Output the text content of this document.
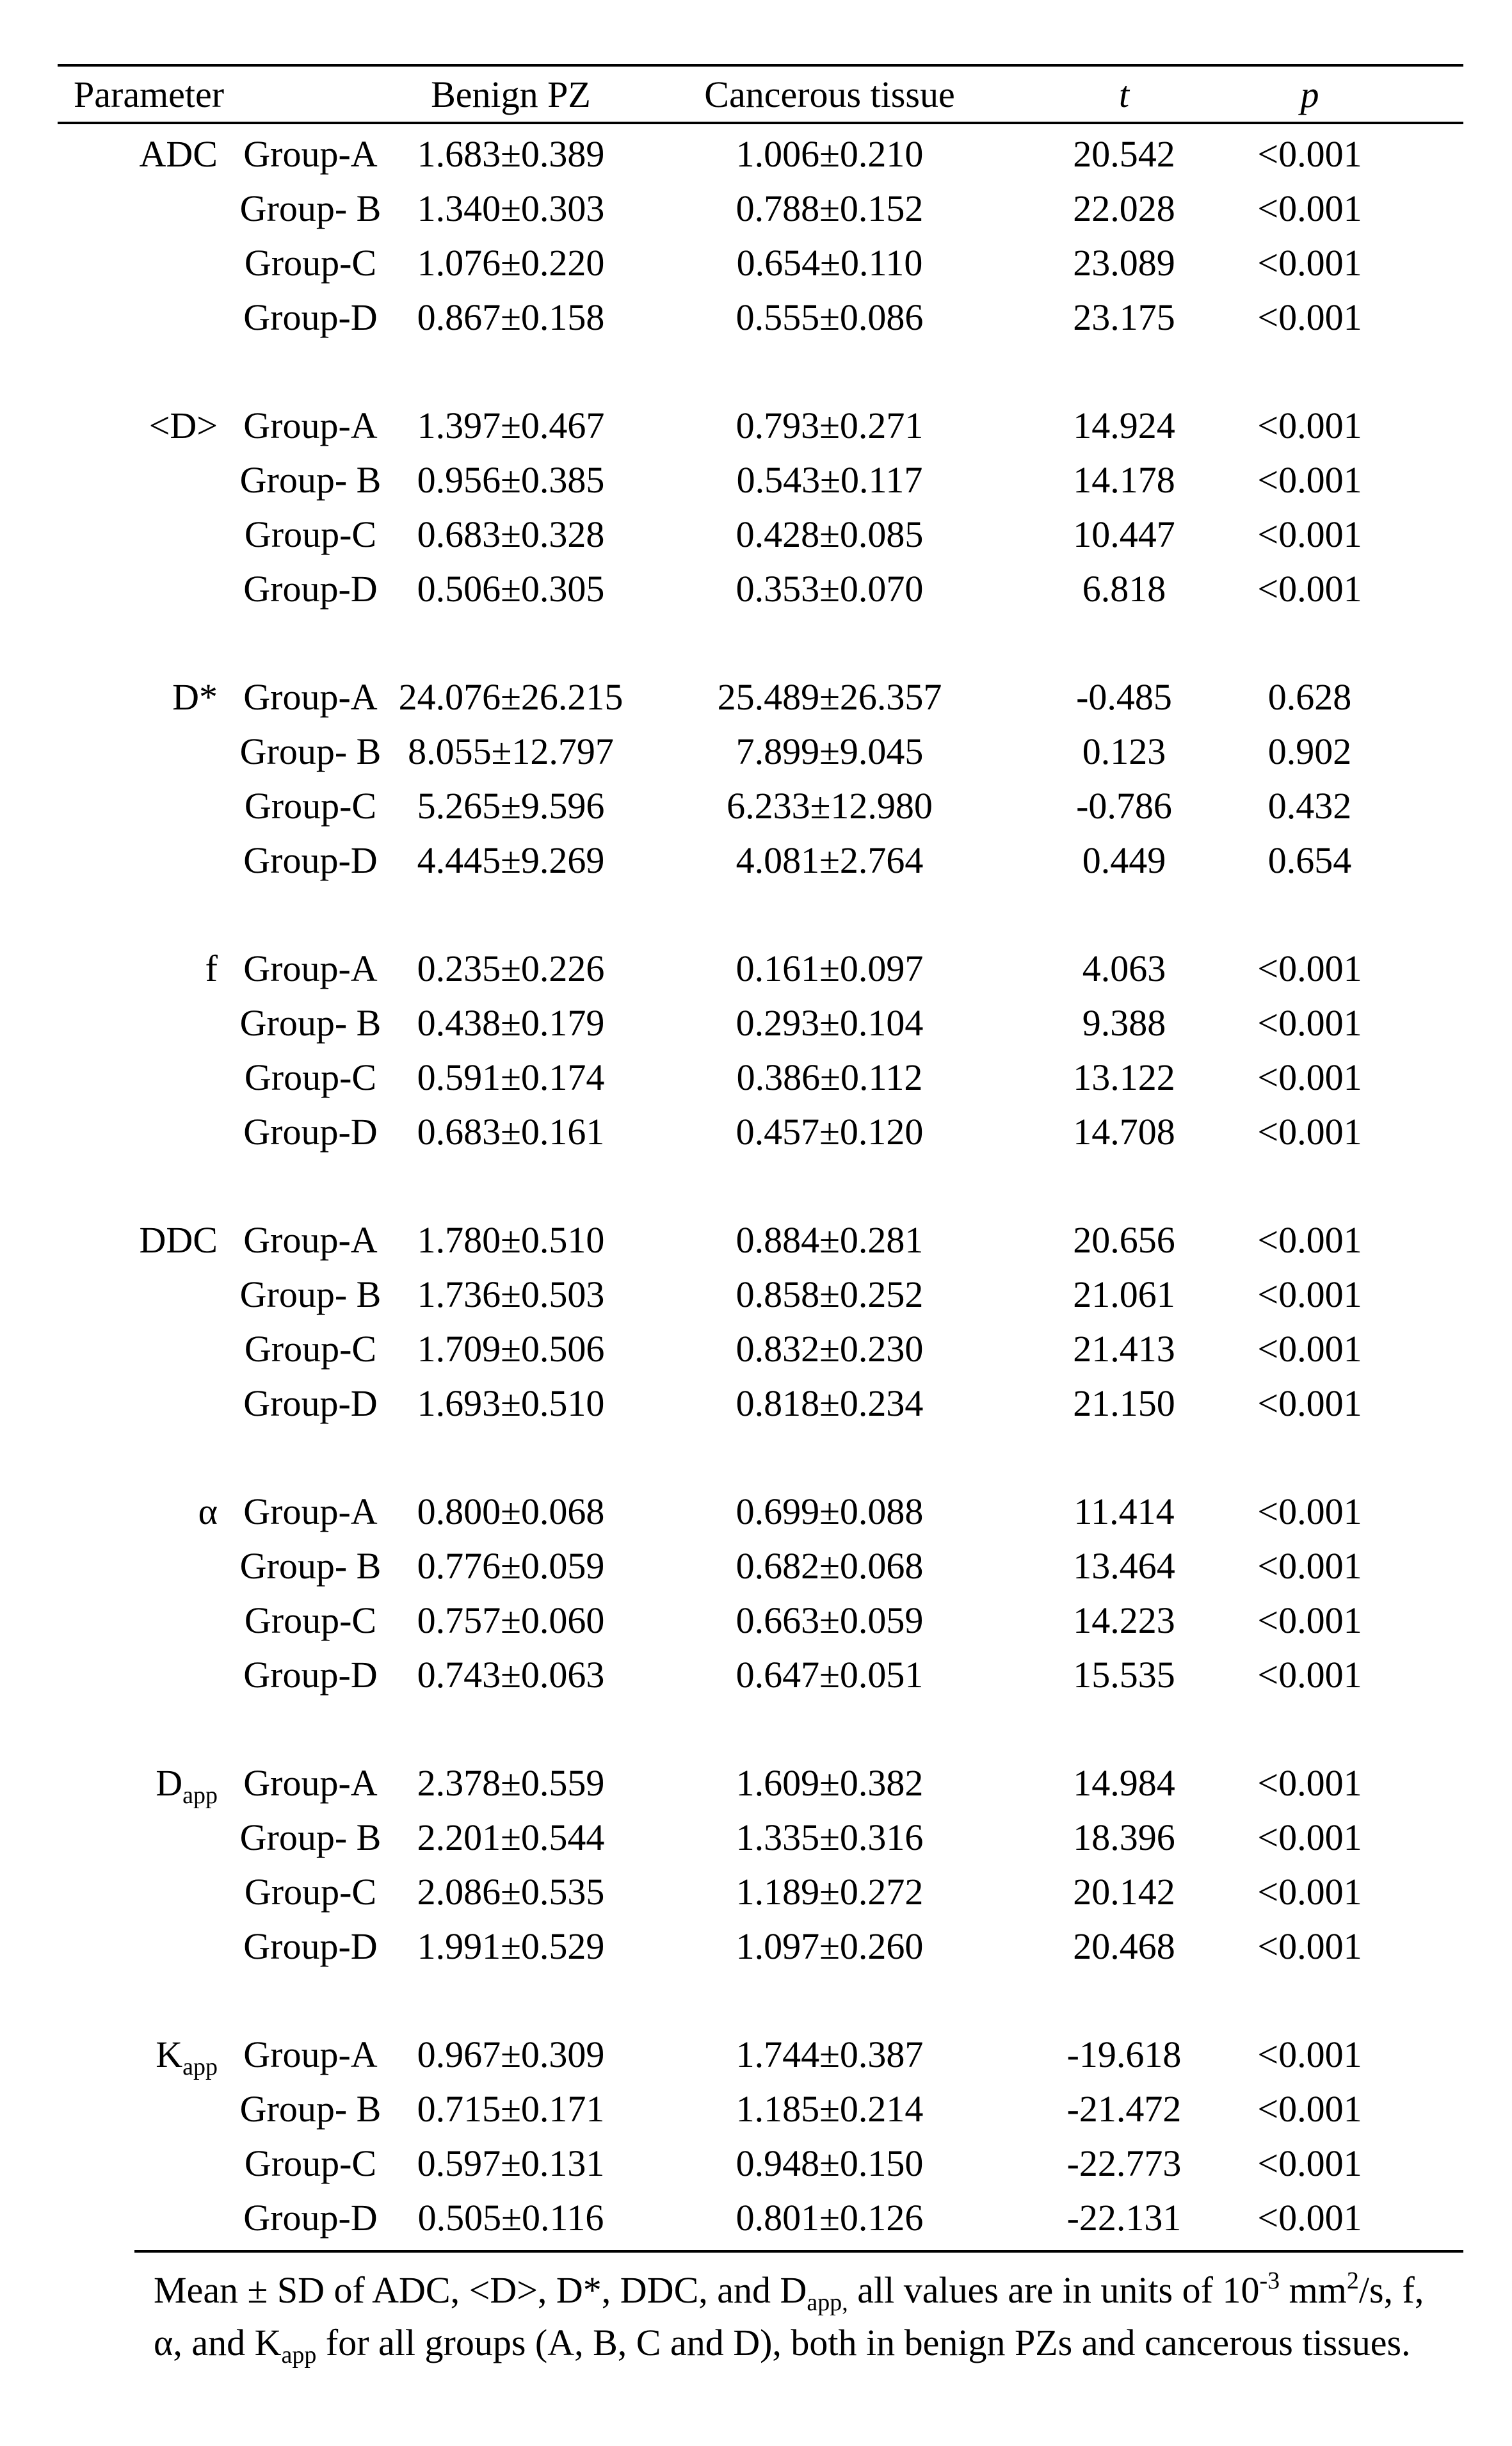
Parameter	Benign PZ	Cancerous tissue	t	p
ADC Group-A	1.683±0.389	1.006±0.210	20.542	<0.001
Group- B 1.340±0.303	0.788±0.152	22.028	<0.001
Group-C	1.076±0.220	0.654±0.110	23.089	<0.001
Group-D	0.867±0.158	0.555±0.086	23.175	<0.001
<D> Group-A	1.397±0.467	0.793±0.271	14.924	<0.001
Group- B 0.956±0.385	0.543±0.117	14.178	<0.001
Group-C	0.683±0.328	0.428±0.085	10.447	<0.001
Group-D	0.506±0.305	0.353±0.070	6.818	<0.001
D* Group-A 24.076±26.215	25.489±26.357	-0.485	0.628
Group- B 8.055±12.797	7.899±9.045	0.123	0.902
Group-C	5.265±9.596	6.233±12.980	-0.786	0.432
Group-D	4.445±9.269	4.081±2.764	0.449	0.654
f Group-A	0.235±0.226	0.161±0.097	4.063	<0.001
Group- B 0.438±0.179	0.293±0.104	9.388	<0.001
Group-C	0.591±0.174	0.386±0.112	13.122	<0.001
Group-D	0.683±0.161	0.457±0.120	14.708	<0.001
DDC Group-A	1.780±0.510	0.884±0.281	20.656	<0.001
Group- B 1.736±0.503	0.858±0.252	21.061	<0.001
Group-C	1.709±0.506	0.832±0.230	21.413	<0.001
Group-D	1.693±0.510	0.818±0.234	21.150	<0.001
α Group-A	0.800±0.068	0.699±0.088	11.414	<0.001
Group- B 0.776±0.059	0.682±0.068	13.464	<0.001
Group-C	0.757±0.060	0.663±0.059	14.223	<0.001
Group-D	0.743±0.063	0.647±0.051	15.535	<0.001
$D_{app}$ Group-A	2.378±0.559	1.609±0.382	14.984	<0.001
Group- B 2.201±0.544	1.335±0.316	18.396	<0.001
Group-C	2.086±0.535	1.189±0.272	20.142	<0.001
Group-D	1.991±0.529	1.097±0.260	20.468	<0.001
$K_{app}$ Group-A	0.967±0.309	1.744±0.387	-19.618	<0.001
Group- B 0.715±0.171	1.185±0.214	-21.472	<0.001
Group-C	0.597±0.131	0.948±0.150	-22.773	<0.001
Group-D	0.505±0.116	0.801±0.126	-22.131	<0.001
Mean ± SD of ADC, <D>, D*, DDC, and $D_{app,}$ all values are in units of $10^{-3}$ $mm^2/s$, f, α, and $K_{app}$ for all groups (A, B, C and D), both in benign PZs and cancerous tissues.
